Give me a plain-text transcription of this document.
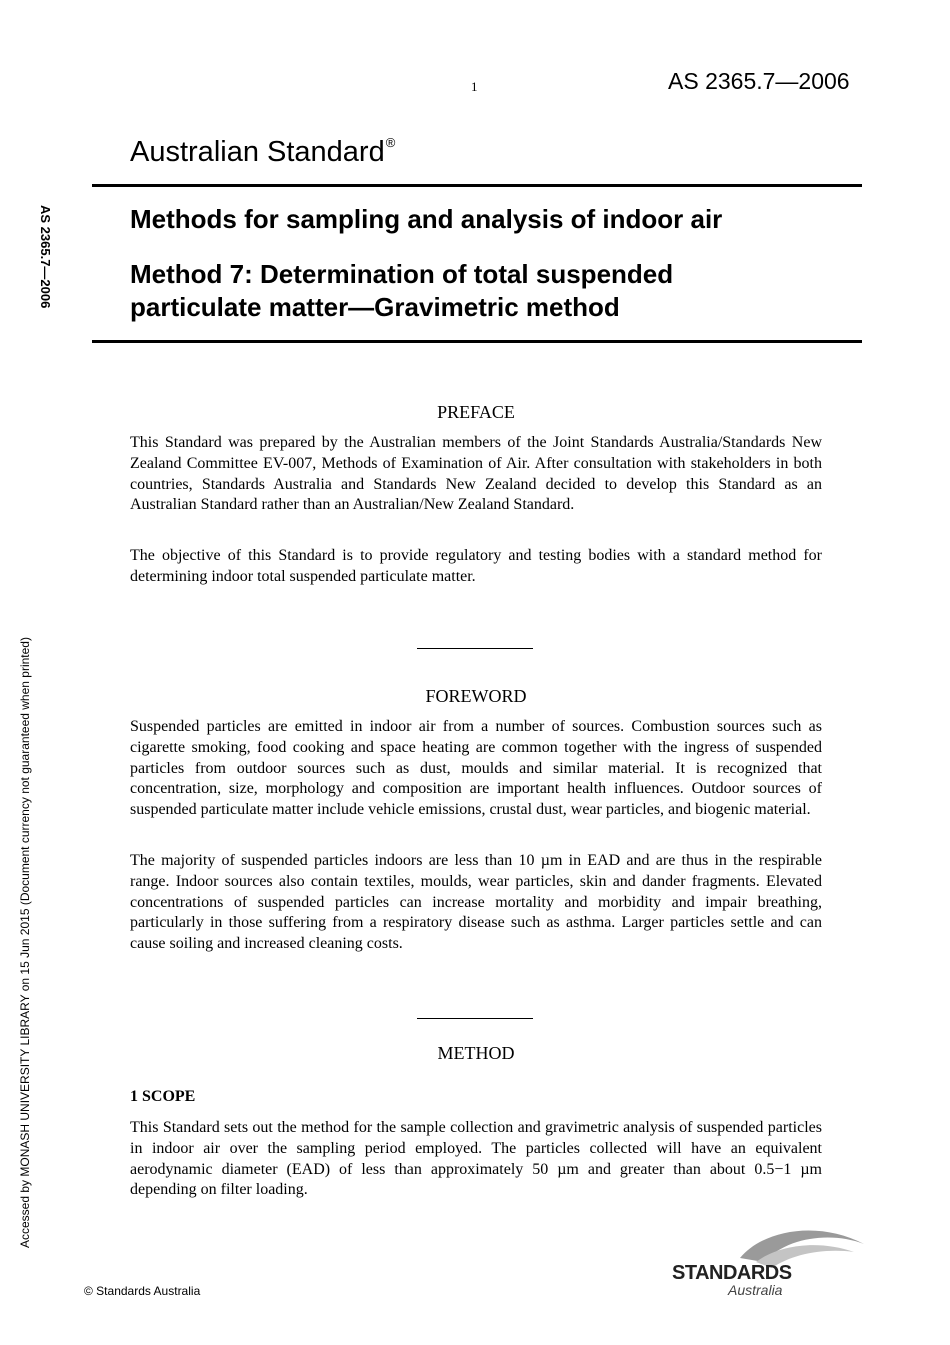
1	AS 2365.7—2006
Australian Standard®
Methods for sampling and analysis of indoor air
Method 7: Determination of total suspended
particulate matter—Gravimetric method
AS 2365.7—2006
Accessed by MONASH UNIVERSITY LIBRARY on 15 Jun 2015 (Document currency not guaranteed when printed)
PREFACE

This Standard was prepared by the Australian members of the Joint Standards Australia/Standards New Zealand Committee EV-007, Methods of Examination of Air. After consultation with stakeholders in both countries, Standards Australia and Standards New Zealand decided to develop this Standard as an Australian Standard rather than an Australian/New Zealand Standard.

The objective of this Standard is to provide regulatory and testing bodies with a standard method for determining indoor total suspended particulate matter.

FOREWORD

Suspended particles are emitted in indoor air from a number of sources. Combustion sources such as cigarette smoking, food cooking and space heating are common together with the ingress of suspended particles from outdoor sources such as dust, moulds and similar material. It is recognized that concentration, size, morphology and composition are important health influences. Outdoor sources of suspended particulate matter include vehicle emissions, crustal dust, wear particles, and biogenic material.

The majority of suspended particles indoors are less than 10 µm in EAD and are thus in the respirable range. Indoor sources also contain textiles, moulds, wear particles, skin and dander fragments. Elevated concentrations of suspended particles can increase mortality and morbidity and impair breathing, particularly in those suffering from a respiratory disease such as asthma. Larger particles settle and can cause soiling and increased cleaning costs.

METHOD
1 SCOPE

This Standard sets out the method for the sample collection and gravimetric analysis of suspended particles in indoor air over the sampling period employed. The particles collected will have an equivalent aerodynamic diameter (EAD) of less than approximately 50 µm and greater than about 0.5−1 µm depending on filter loading.

© Standards Australia
STANDARDS
Australia
